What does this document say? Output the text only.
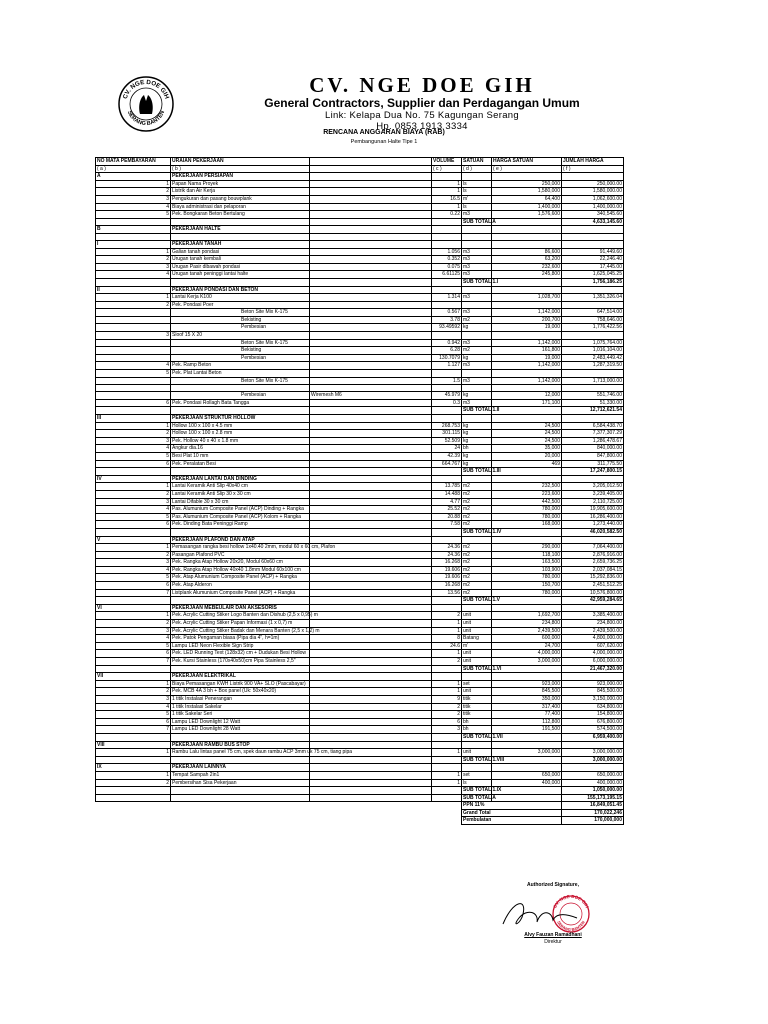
CV. NGE DOE GIH
SERANG BANTEN
CV. NGE DOE GIH
General Contractors, Supplier dan Perdagangan Umum
Link: Kelapa Dua No. 75 Kagungan Serang
Hp. 0853 1913 3334
RENCANA ANGGARAN BIAYA (RAB)
Pembangunan Halte Tipe 1
NO MATA PEMBAYARAN	URAIAN PEKERJAAN		VOLUME	SATUAN	HARGA SATUAN	JUMLAH HARGA
( a )	( b )		( c )	( d )	( e )	( f )
A	PEKERJAAN PERSIAPAN					
1	Papan Nama Proyek		1	ls	250,000	250,000.00
2	Listrik dan Air Kerja		1	ls	1,580,000	1,580,000.00
3	Pengukuran dan pasang bouwplank		16.5	m'	64,400	1,062,600.00
4	Biaya administrasi dan pelaporan		1	ls	1,400,000	1,400,000.00
5	Pek. Bongkaran Beton Bertulang		0.22	m3	1,576,600	340,545.60
				SUB TOTAL A		4,633,145.60
B	PEKERJAAN HALTE					

I	PEKERJAAN TANAH					
1	Galian tanah pondasi		1.056	m3	86,600	91,449.60
2	Urugan tanah kembali		0.352	m3	63,200	22,246.40
3	Urugan Pasir dibawah pondasi		0.075	m3	232,600	17,445.00
4	Urugan tanah peninggi lantai halte		6.61125	m3	245,800	1,625,045.25
				SUB TOTAL 1.I		1,756,186.25
II	PEKERJAAN PONDASI DAN BETON					
1	Lantai Kerja K100		1.314	m3	1,028,700	1,351,326.04
2	Pek. Pondasi Poer					
	Beton Site Mix K-175		0.567	m3	1,142,000	647,514.00
	Bekisting		3.78	m2	200,700	758,646.00
	Pembesian		93.49592	kg	19,000	1,776,422.56
3	Sloof 15 X 20					
	Beton Site Mix K-175		0.942	m3	1,142,000	1,075,764.00
	Bekisting		6.28	m2	161,800	1,016,104.00
	Pembesian		130.7079	kg	19,000	2,483,449.42
4	Pek. Ramp Beton		1.127	m3	1,142,000	1,287,319.50
5	Pek. Plat Lantai Beton					
	Beton Site Mix K-175		1.5	m3	1,142,000	1,713,000.00

	Pembesian	Wiremesh M6	45.979	kg	12,000	551,746.00
6	Pek. Pondasi Rollagh Bata Tangga		0.3	m3	171,100	51,330.00
				SUB TOTAL 1.II		12,712,621.54
III	PEKERJAAN STRUKTUR HOLLOW					
1	Hollow 100 x 100 x 4.5 mm		268.753	kg	24,500	6,584,438.70
2	Hollow 100 x 100 x 2.8 mm		301.115	kg	24,500	7,377,307.29
3	Pek. Hollow 40 x 40 x 1.8 mm		52.509	kg	24,500	1,286,478.67
4	Angkur dia.16		24	bh	35,000	840,000.00
5	Besi Plat 10 mm		42.39	kg	20,000	847,800.00
6	Pek. Peralatan Besi		664.767	kg	469	311,775.50
				SUB TOTAL 1.III		17,247,800.15
IV	PEKERJAAN LANTAI DAN DINDING					
1	Lantai Keramik Anti Slip 40x40 cm		13.785	m2	232,500	3,205,012.50
2	Lantai Keramik Anti Slip 30 x 30 cm		14.488	m2	223,600	3,239,405.00
3	Lantai Difable 30 x 30 cm		4.77	m2	442,500	2,110,725.00
4	Pas. Alumunium Composite Panel (ACP) Dinding + Rangka		25.52	m2	780,000	19,905,600.00
5	Pas. Alumunium Composite Panel (ACP) Kolom + Rangka		20.88	m2	780,000	16,286,400.00
6	Pek. Dinding Bata Peninggi Ramp		7.58	m2	168,000	1,273,440.00
				SUB TOTAL 1.IV		46,020,582.50
V	PEKERJAAN PLAFOND DAN ATAP					
1	Pemasangan rangka besi hollow 1x40.40 2mm, modul 60 x 60 cm, Plafon		24.36	m2	290,000	7,064,400.00
2	Pasangan Plafond PVC		24.36	m2	118,100	2,876,916.00
3	Pek. Rangka Atap Hollow 20x20, Modul 60x60 cm		16.268	m2	163,500	2,659,736.25
4	Pek. Rangka Atap Hollow 40x40 1.8mm Modul 60x100 cm		19.606	m2	103,900	2,037,084.15
5	Pek. Atap Alumunium Composite Panel (ACP) + Rangka		19.606	m2	780,000	15,292,836.00
6	Pek. Atap Alderon		16.268	m2	150,700	2,451,512.25
7	Listplank Alumunium Composite Panel (ACP) + Rangka		13.56	m2	780,000	10,576,800.00
				SUB TOTAL 1.V		42,959,284.65
VI	PEKERJAAN MEBEULAIR DAN AKSESORIS					
1	Pek. Acrylic Cutting Stiker Logo Banten dan Dishub (2,5 x 0,95) m		2	unit	1,692,700	3,385,400.00
2	Pek. Acrylic Cutting Stiker Papan Informasi (1 x 0,7) m		1	unit	234,800	234,800.00
3	Pek. Acrylic Cutting Stiker Badak dan Menara Banten (2,5 x 1,2) m		1	unit	2,439,500	2,439,500.00
4	Pek. Patok Pengaman biasa (Pipa dia 4", h=1m)		8	Batang	600,000	4,800,000.00
5	Lampu LED Neon Flexible Sign Strip		24.6	m'	24,700	607,620.00
6	Pek. LED Running Text (128x32) cm + Dudukan Besi Hollow		1	unit	4,000,000	4,000,000.00
7	Pek. Kursi Stainless (170x40x50)cm Pipa Stainless 2,5"		2	unit	3,000,000	6,000,000.00
				SUB TOTAL 1.VI		21,467,320.00
VII	PEKERJAAN ELEKTRIKAL					
1	Biaya Pemasangan KWH Listrik 900 VA+ SLO (Pascabayar)		1	set	923,000	923,000.00
2	Pek. MCB 4A 3 bh + Box panel (Uk: 50x40x20)		1	unit	845,500	845,500.00
3	1 titik Instalasi Penerangan		9	titik	350,000	3,150,000.00
4	1 titik Instalasi Sakelar		2	titik	317,400	634,800.00
5	1 titik Sakelar Seri		2	titik	77,400	154,800.00
6	Lampu LED Downlight 12 Watt		6	bh	112,800	676,800.00
7	Lampu LED Downlight 28 Watt		3	bh	191,500	574,500.00
				SUB TOTAL 1.VII		6,959,400.00
VIII	PEKERJAAN RAMBU BUS STOP					
1	Rambu Lalu lintas panel 75 cm, spek daun rambu ACP 3mm uk 75 cm, tiang pipa		1	unit	3,000,000	3,000,000.00
				SUB TOTAL 1.VIII		3,000,000.00
IX	PEKERJAAN LAINNYA					
1	Tempat Sampah 2in1		1	set	650,000	650,000.00
2	Pembersihan Sisa Pekerjaan		1	ls	400,000	400,000.00
				SUB TOTAL 1.IX		1,050,000.00
				SUB TOTAL A		155,173,195.15
				PPN 11%		16,849,051.45
				Grand Total		170,022,246
				Pembulatan		170,000,000
Authorized Signature,
CV. NGE DOE GIH
SERANG BANTEN
Alvy Fauzan Ramadhani
Direktur
